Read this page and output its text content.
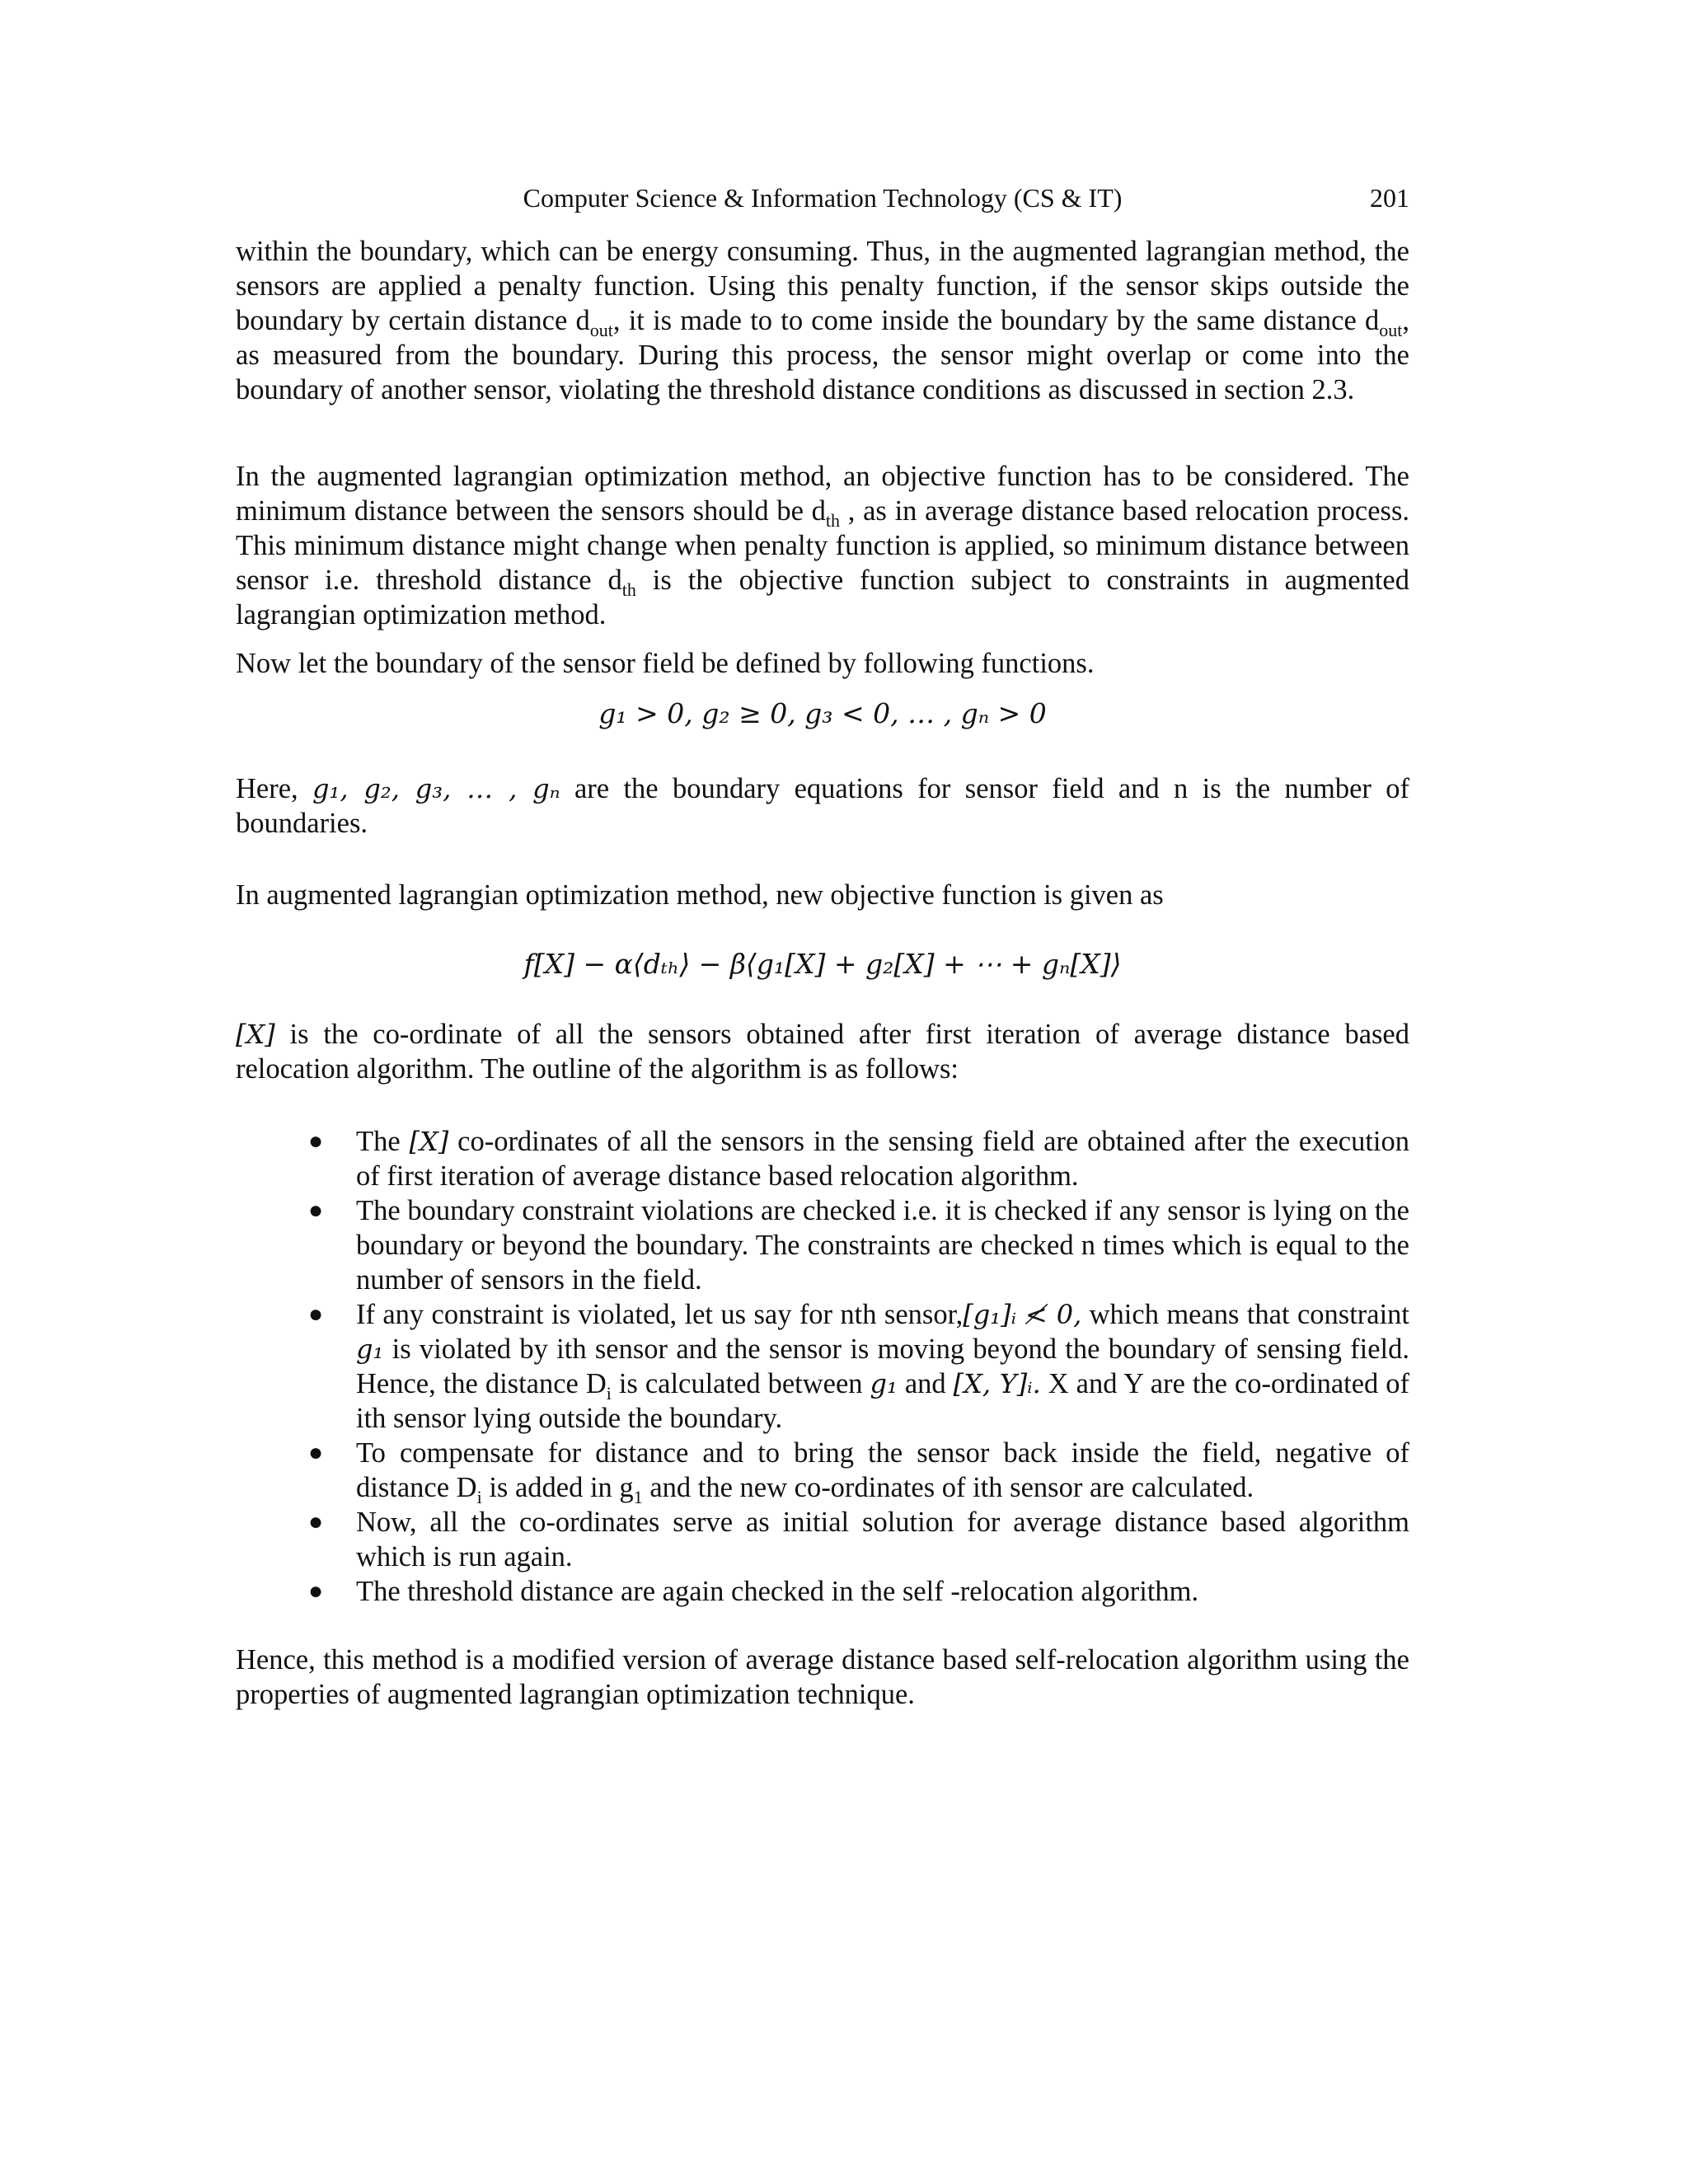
Computer Science & Information Technology (CS & IT)	201

within the boundary, which can be energy consuming. Thus, in the augmented lagrangian method, the sensors are applied a penalty function. Using this penalty function, if the sensor skips outside the boundary by certain distance $d_{out}$, it is made to to come inside the boundary by the same distance $d_{out}$, as measured from the boundary. During this process, the sensor might overlap or come into the boundary of another sensor, violating the threshold distance conditions as discussed in section 2.3.

In the augmented lagrangian optimization method, an objective function has to be considered. The minimum distance between the sensors should be $d_{th}$ , as in average distance based relocation process. This minimum distance might change when penalty function is applied, so minimum distance between sensor i.e. threshold distance $d_{th}$ is the objective function subject to constraints in augmented lagrangian optimization method.

Now let the boundary of the sensor field be defined by following functions.

g₁ > 0, g₂ ≥ 0, g₃ < 0, … , gₙ > 0

Here, g₁, g₂, g₃, … , gₙ are the boundary equations for sensor field and n is the number of boundaries.

In augmented lagrangian optimization method, new objective function is given as

f[X] − α⟨dₜₕ⟩ − β⟨g₁[X] + g₂[X] + ⋯ + gₙ[X]⟩

[X] is the co-ordinate of all the sensors obtained after first iteration of average distance based relocation algorithm. The outline of the algorithm is as follows:

● The [X] co-ordinates of all the sensors in the sensing field are obtained after the execution of first iteration of average distance based relocation algorithm.
● The boundary constraint violations are checked i.e. it is checked if any sensor is lying on the boundary or beyond the boundary. The constraints are checked n times which is equal to the number of sensors in the field.
● If any constraint is violated, let us say for nth sensor,[g₁]ᵢ ≮ 0, which means that constraint g₁ is violated by ith sensor and the sensor is moving beyond the boundary of sensing field. Hence, the distance $D_i$ is calculated between g₁ and [X, Y]ᵢ. X and Y are the co-ordinated of ith sensor lying outside the boundary.
● To compensate for distance and to bring the sensor back inside the field, negative of distance $D_i$ is added in $g_1$ and the new co-ordinates of ith sensor are calculated.
● Now, all the co-ordinates serve as initial solution for average distance based algorithm which is run again.
● The threshold distance are again checked in the self -relocation algorithm.

Hence, this method is a modified version of average distance based self-relocation algorithm using the properties of augmented lagrangian optimization technique.
